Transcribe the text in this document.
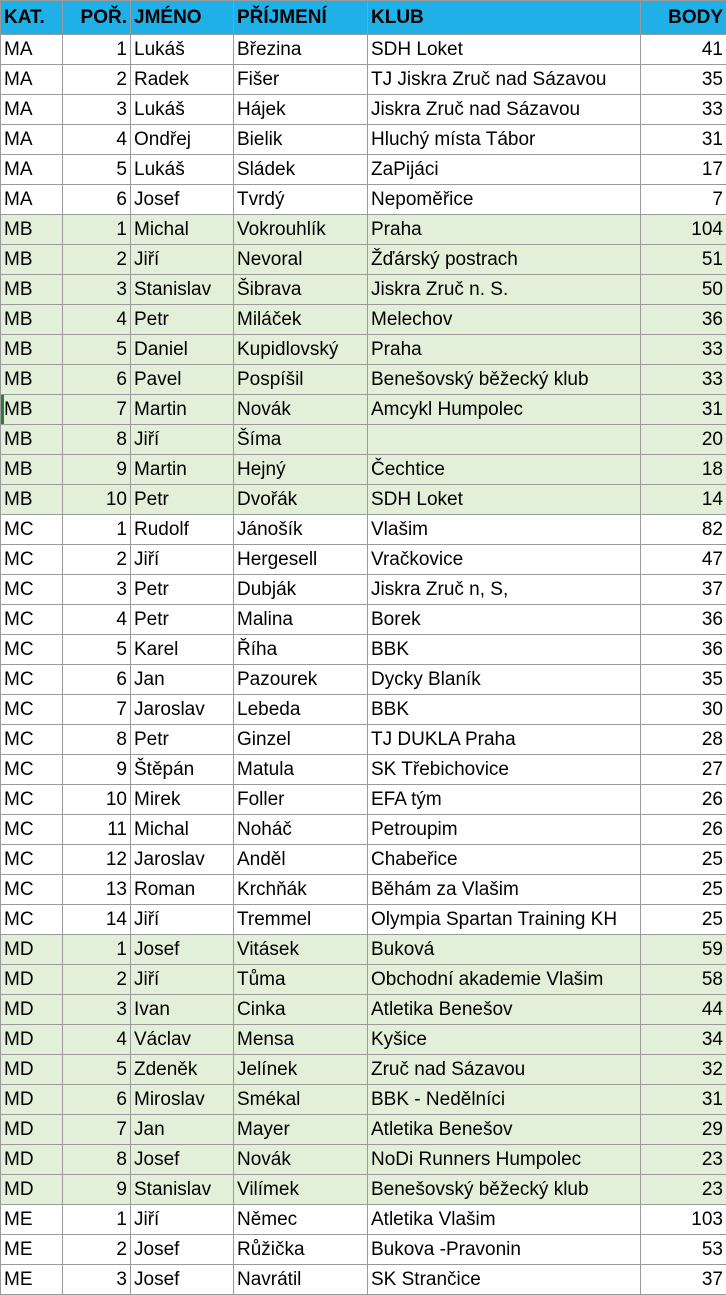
KAT.	POŘ.	JMÉNO	PŘÍJMENÍ	KLUB	BODY
MA	1	Lukáš	Březina	SDH Loket	41
MA	2	Radek	Fišer	TJ Jiskra Zruč nad Sázavou	35
MA	3	Lukáš	Hájek	Jiskra Zruč nad Sázavou	33
MA	4	Ondřej	Bielik	Hluchý místa Tábor	31
MA	5	Lukáš	Sládek	ZaPijáci	17
MA	6	Josef	Tvrdý	Nepoměřice	7
MB	1	Michal	Vokrouhlík	Praha	104
MB	2	Jiří	Nevoral	Žďárský postrach	51
MB	3	Stanislav	Šibrava	Jiskra Zruč n. S.	50
MB	4	Petr	Miláček	Melechov	36
MB	5	Daniel	Kupidlovský	Praha	33
MB	6	Pavel	Pospíšil	Benešovský běžecký klub	33
MB	7	Martin	Novák	Amcykl Humpolec	31
MB	8	Jiří	Šíma		20
MB	9	Martin	Hejný	Čechtice	18
MB	10	Petr	Dvořák	SDH Loket	14
MC	1	Rudolf	Jánošík	Vlašim	82
MC	2	Jiří	Hergesell	Vračkovice	47
MC	3	Petr	Dubják	Jiskra Zruč n, S,	37
MC	4	Petr	Malina	Borek	36
MC	5	Karel	Říha	BBK	36
MC	6	Jan	Pazourek	Dycky Blaník	35
MC	7	Jaroslav	Lebeda	BBK	30
MC	8	Petr	Ginzel	TJ DUKLA Praha	28
MC	9	Štěpán	Matula	SK Třebichovice	27
MC	10	Mirek	Foller	EFA tým	26
MC	11	Michal	Noháč	Petroupim	26
MC	12	Jaroslav	Anděl	Chabeřice	25
MC	13	Roman	Krchňák	Běhám za Vlašim	25
MC	14	Jiří	Tremmel	Olympia Spartan Training KH	25
MD	1	Josef	Vitásek	Buková	59
MD	2	Jiří	Tůma	Obchodní akademie Vlašim	58
MD	3	Ivan	Cinka	Atletika Benešov	44
MD	4	Václav	Mensa	Kyšice	34
MD	5	Zdeněk	Jelínek	Zruč nad Sázavou	32
MD	6	Miroslav	Smékal	BBK - Nedělníci	31
MD	7	Jan	Mayer	Atletika Benešov	29
MD	8	Josef	Novák	NoDi Runners Humpolec	23
MD	9	Stanislav	Vilímek	Benešovský běžecký klub	23
ME	1	Jiří	Němec	Atletika Vlašim	103
ME	2	Josef	Růžička	Bukova -Pravonin	53
ME	3	Josef	Navrátil	SK Strančice	37
